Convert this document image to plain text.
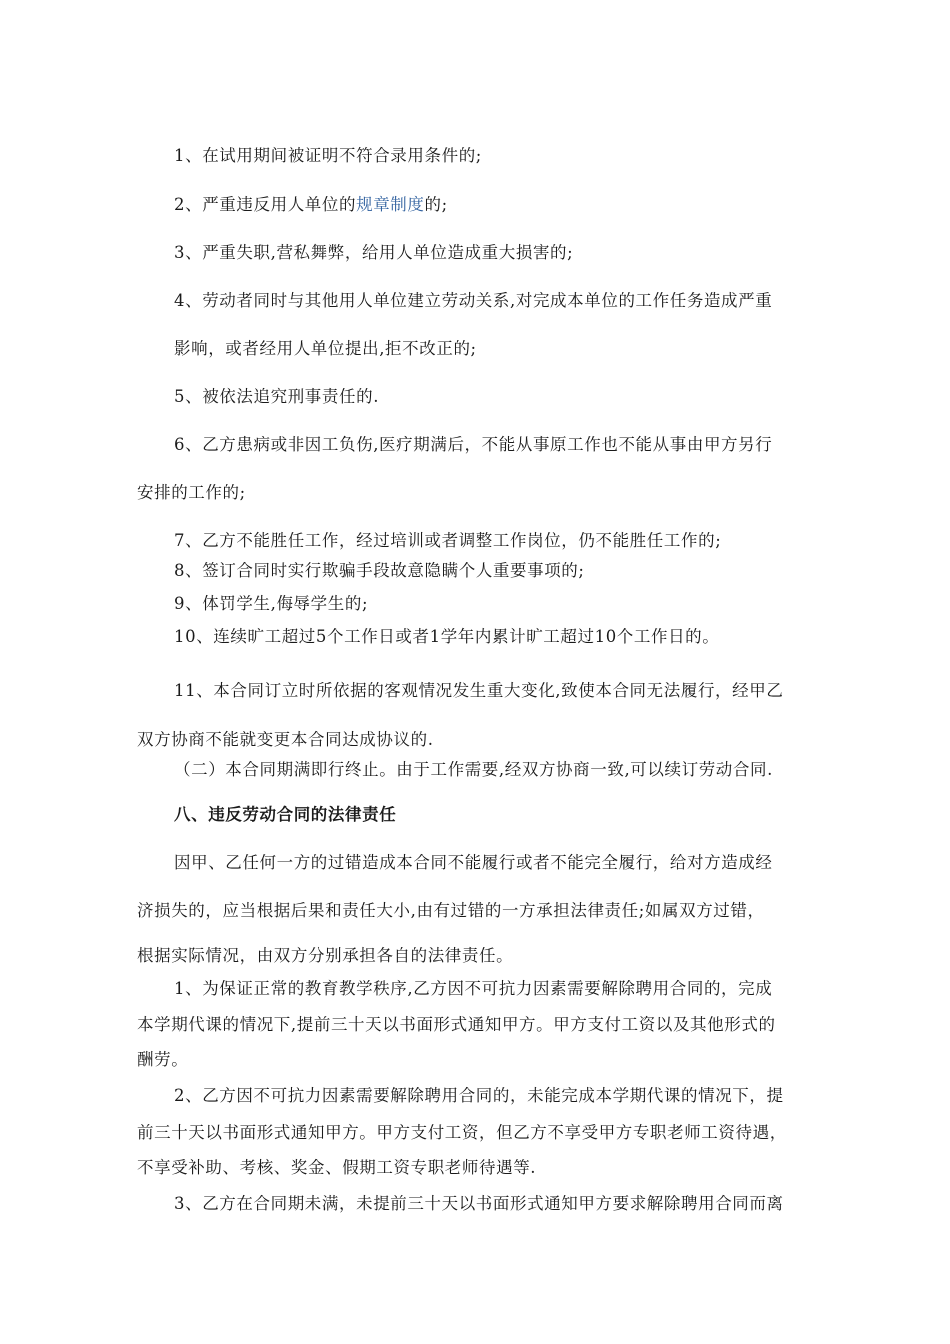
1、在试用期间被证明不符合录用条件的;
2、严重违反用人单位的规章制度的;
3、严重失职,营私舞弊，给用人单位造成重大损害的;
4、劳动者同时与其他用人单位建立劳动关系,对完成本单位的工作任务造成严重
影响，或者经用人单位提出,拒不改正的;
5、被依法追究刑事责任的.
6、乙方患病或非因工负伤,医疗期满后，不能从事原工作也不能从事由甲方另行
安排的工作的;
7、乙方不能胜任工作，经过培训或者调整工作岗位，仍不能胜任工作的;
8、签订合同时实行欺骗手段故意隐瞒个人重要事项的;
9、体罚学生,侮辱学生的;
10、连续旷工超过5个工作日或者1学年内累计旷工超过10个工作日的。
11、本合同订立时所依据的客观情况发生重大变化,致使本合同无法履行，经甲乙
双方协商不能就变更本合同达成协议的.
（二）本合同期满即行终止。由于工作需要,经双方协商一致,可以续订劳动合同.
八、违反劳动合同的法律责任
因甲、乙任何一方的过错造成本合同不能履行或者不能完全履行，给对方造成经
济损失的，应当根据后果和责任大小,由有过错的一方承担法律责任;如属双方过错，
根据实际情况，由双方分别承担各自的法律责任。
1、为保证正常的教育教学秩序,乙方因不可抗力因素需要解除聘用合同的，完成
本学期代课的情况下,提前三十天以书面形式通知甲方。甲方支付工资以及其他形式的
酬劳。
2、乙方因不可抗力因素需要解除聘用合同的，未能完成本学期代课的情况下，提
前三十天以书面形式通知甲方。甲方支付工资，但乙方不享受甲方专职老师工资待遇，
不享受补助、考核、奖金、假期工资专职老师待遇等.
3、乙方在合同期未满，未提前三十天以书面形式通知甲方要求解除聘用合同而离
